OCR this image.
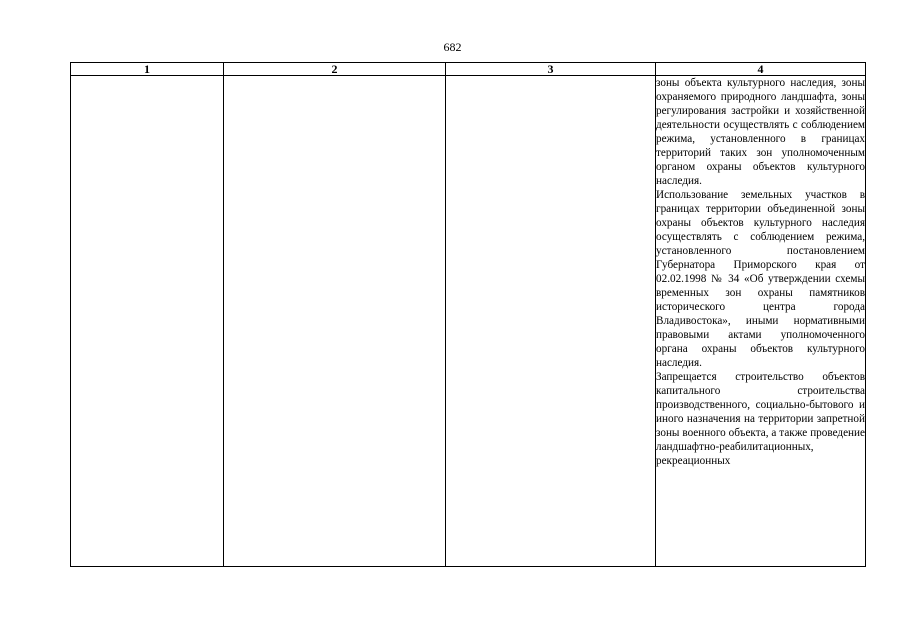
682
1	2	3	4

			зоны объекта культурного наследия, зоны охраняемого природного ландшафта, зоны регулирования застройки и хозяйственной деятельности осуществлять с соблюдением режима, установленного в границах территорий таких зон уполномоченным органом охраны объектов культурного наследия.

Использование земельных участков в границах территории объединенной зоны охраны объектов культурного наследия осуществлять с соблюдением режима, установленного постановлением Губернатора Приморского края от 02.02.1998 № 34 «Об утверждении схемы временных зон охраны памятников исторического центра города Владивостока», иными нормативными правовыми актами уполномоченного органа охраны объектов культурного наследия.

Запрещается строительство объектов капитального строительства производственного, социально-бытового и иного назначения на территории запретной зоны военного объекта, а также проведение ландшафтно-реабилитационных, рекреационных
